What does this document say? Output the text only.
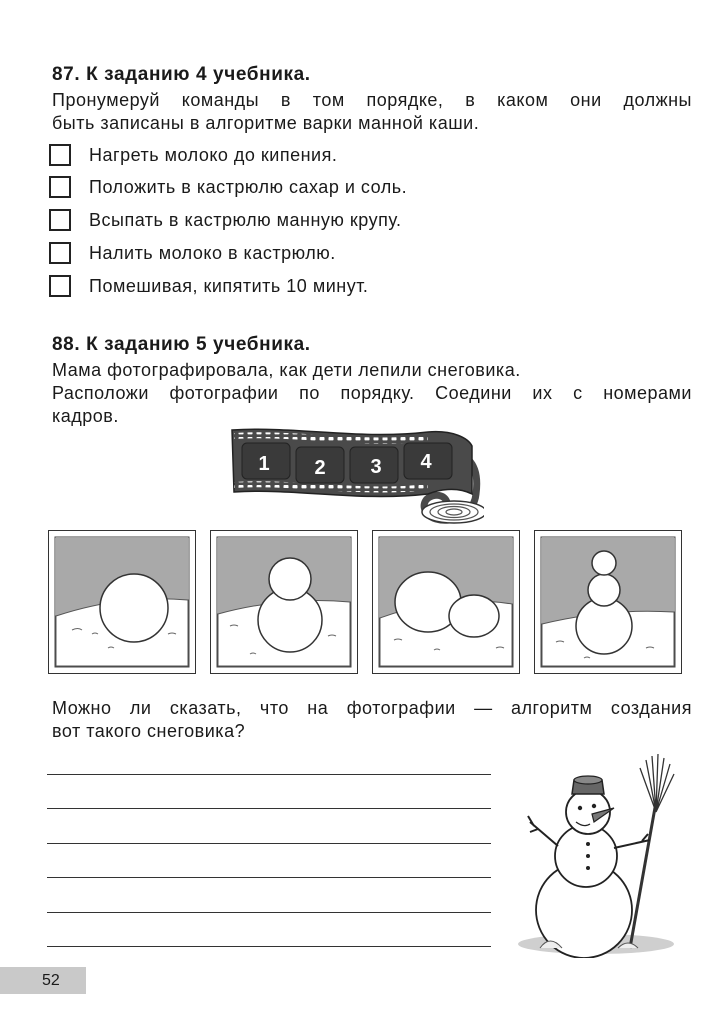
87. К заданию 4 учебника.
Пронумеруй команды в том порядке, в каком они должны
быть записаны в алгоритме варки манной каши.
Нагреть молоко до кипения.
Положить в кастрюлю сахар и соль.
Всыпать в кастрюлю манную крупу.
Налить молоко в кастрюлю.
Помешивая, кипятить 10 минут.
88. К заданию 5 учебника.
Мама фотографировала, как дети лепили снеговика.
Расположи фотографии по порядку. Соедини их с номерами
кадров.
1 2 3 4
Можно ли сказать, что на фотографии — алгоритм создания
вот такого снеговика?
52
